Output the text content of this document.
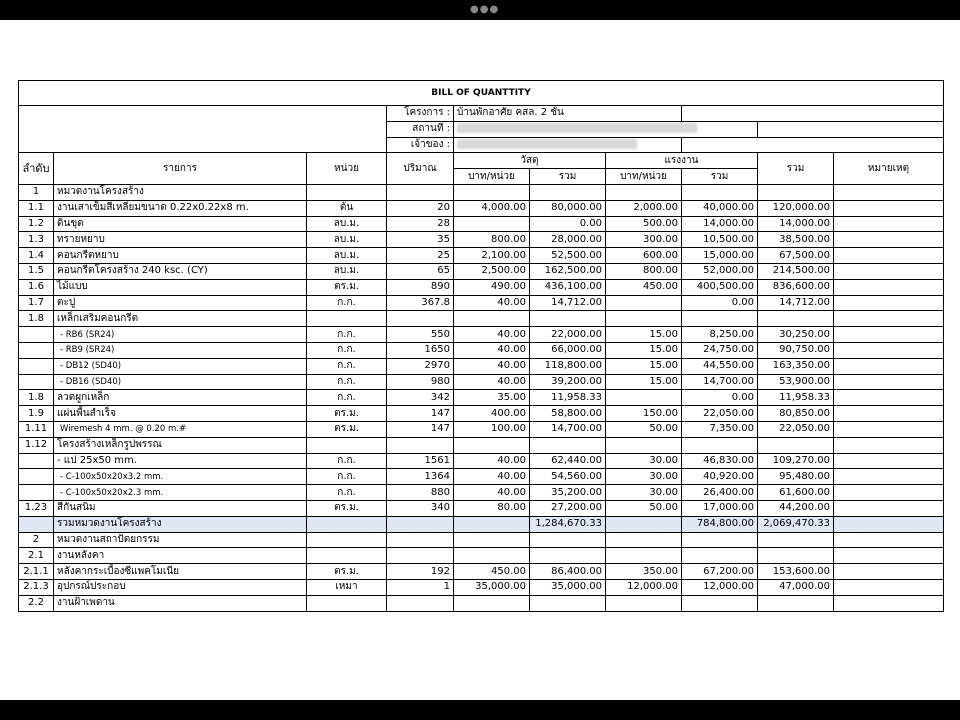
●●●
BILL OF QUANTTITY									
			โครงการ :	บ้านพักอาศัย คสล. 2 ชั้น					
			สถานที่ :						
			เจ้าของ :						
ลำดับ	รายการ	หน่วย	ปริมาณ	วัสดุ		แรงงาน		รวม	หมายเหตุ
				บาท/หน่วย	รวม	บาท/หน่วย	รวม		
1	หมวดงานโครงสร้าง								
1.1	งานเสาเข็มสี่เหลี่ยมขนาด 0.22x0.22x8 m.	ต้น	20	4,000.00	80,000.00	2,000.00	40,000.00	120,000.00	
1.2	ดินขุด	ลบ.ม.	28		0.00	500.00	14,000.00	14,000.00	
1.3	ทรายหยาบ	ลบ.ม.	35	800.00	28,000.00	300.00	10,500.00	38,500.00	
1.4	คอนกรีตหยาบ	ลบ.ม.	25	2,100.00	52,500.00	600.00	15,000.00	67,500.00	
1.5	คอนกรีตโครงสร้าง 240 ksc. (CY)	ลบ.ม.	65	2,500.00	162,500.00	800.00	52,000.00	214,500.00	
1.6	ไม้แบบ	ตร.ม.	890	490.00	436,100.00	450.00	400,500.00	836,600.00	
1.7	ตะปู	ก.ก.	367.8	40.00	14,712.00		0.00	14,712.00	
1.8	เหล็กเสริมคอนกรีต								
	- RB6 (SR24)	ก.ก.	550	40.00	22,000.00	15.00	8,250.00	30,250.00	
	- RB9 (SR24)	ก.ก.	1650	40.00	66,000.00	15.00	24,750.00	90,750.00	
	- DB12 (SD40)	ก.ก.	2970	40.00	118,800.00	15.00	44,550.00	163,350.00	
	- DB16 (SD40)	ก.ก.	980	40.00	39,200.00	15.00	14,700.00	53,900.00	
1.8	ลวดผูกเหล็ก	ก.ก.	342	35.00	11,958.33		0.00	11,958.33	
1.9	แผ่นพื้นสำเร็จ	ตร.ม.	147	400.00	58,800.00	150.00	22,050.00	80,850.00	
1.11	Wiremesh 4 mm. @ 0.20 m.#	ตร.ม.	147	100.00	14,700.00	50.00	7,350.00	22,050.00	
1.12	โครงสร้างเหล็กรูปพรรณ								
	- แป 25x50 mm.	ก.ก.	1561	40.00	62,440.00	30.00	46,830.00	109,270.00	
	- C-100x50x20x3.2 mm.	ก.ก.	1364	40.00	54,560.00	30.00	40,920.00	95,480.00	
	- C-100x50x20x2.3 mm.	ก.ก.	880	40.00	35,200.00	30.00	26,400.00	61,600.00	
1.23	สีกันสนิม	ตร.ม.	340	80.00	27,200.00	50.00	17,000.00	44,200.00	
	รวมหมวดงานโครงสร้าง				1,284,670.33		784,800.00	2,069,470.33	
2	หมวดงานสถาปัตยกรรม								
2.1	งานหลังคา								
2.1.1	หลังคากระเบื้องซีแพคโมเนีย	ตร.ม.	192	450.00	86,400.00	350.00	67,200.00	153,600.00	
2.1.3	อุปกรณ์ประกอบ	เหมา	1	35,000.00	35,000.00	12,000.00	12,000.00	47,000.00	
2.2	งานฝ้าเพดาน								
